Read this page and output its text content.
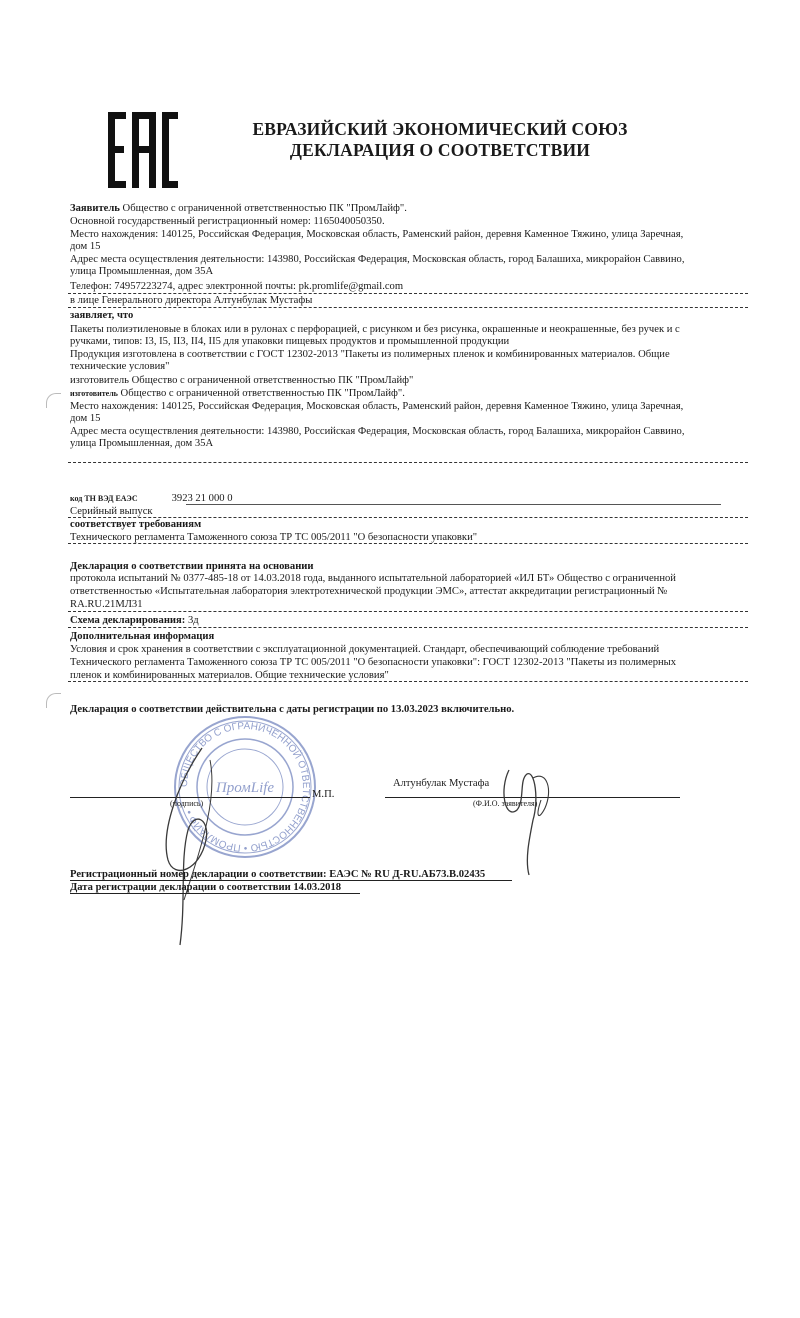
ЕВРАЗИЙСКИЙ ЭКОНОМИЧЕСКИЙ СОЮЗ
ДЕКЛАРАЦИЯ О СООТВЕТСТВИИ
Заявитель Общество с ограниченной ответственностью ПК "ПромЛайф".
Основной государственный регистрационный номер: 1165040050350.
Место нахождения: 140125, Российская Федерация, Московская область, Раменский район, деревня Каменное Тяжино, улица Заречная,
дом 15
Адрес места осуществления деятельности: 143980, Российская Федерация, Московская область, город Балашиха, микрорайон Саввино,
улица Промышленная, дом 35А
Телефон: 74957223274, адрес электронной почты: pk.promlife@gmail.com
в лице Генерального директора Алтунбулак Мустафы
заявляет, что
Пакеты полиэтиленовые в блоках или в рулонах с перфорацией, с рисунком и без рисунка, окрашенные и неокрашенные, без ручек и с
ручками, типов: I3, I5, II3, II4, II5 для упаковки пищевых продуктов и промышленной продукции
Продукция изготовлена в соответствии с ГОСТ 12302-2013 "Пакеты из полимерных пленок и комбинированных материалов. Общие
технические условия"
изготовитель Общество с ограниченной ответственностью ПК "ПромЛайф"
изготовитель Общество с ограниченной ответственностью ПК "ПромЛайф".
Место нахождения: 140125, Российская Федерация, Московская область, Раменский район, деревня Каменное Тяжино, улица Заречная,
дом 15
Адрес места осуществления деятельности: 143980, Российская Федерация, Московская область, город Балашиха, микрорайон Саввино,
улица Промышленная, дом 35А
код ТН ВЭД ЕАЭС	3923 21 000 0
Серийный выпуск
соответствует требованиям
Технического регламента Таможенного союза ТР ТС 005/2011 "О безопасности упаковки"
Декларация о соответствии принята на основании
протокола испытаний № 0377-485-18 от 14.03.2018 года, выданного испытательной лабораторией «ИЛ БТ» Общество с ограниченной
ответственностью «Испытательная лаборатория электротехнической продукции ЭМС», аттестат аккредитации регистрационный №
RA.RU.21МЛ31
Схема декларирования: 3д
Дополнительная информация
Условия и срок хранения в соответствии с эксплуатационной документацией. Стандарт, обеспечивающий соблюдение требований
Технического регламента Таможенного союза ТР ТС 005/2011 "О безопасности упаковки": ГОСТ 12302-2013 "Пакеты из полимерных
пленок и комбинированных материалов. Общие технические условия"
Декларация о соответствии действительна с даты регистрации по 13.03.2023 включительно.
ОБЩЕСТВО С ОГРАНИЧЕННОЙ ОТВЕТСТВЕННОСТЬЮ • ПРОМЛАЙФ •
ПромLife
(подпись)
М.П.
Алтунбулак Мустафа
(Ф.И.О. заявителя)
Регистрационный номер декларации о соответствии: ЕАЭС № RU Д-RU.АБ73.В.02435
Дата регистрации декларации о соответствии 14.03.2018
